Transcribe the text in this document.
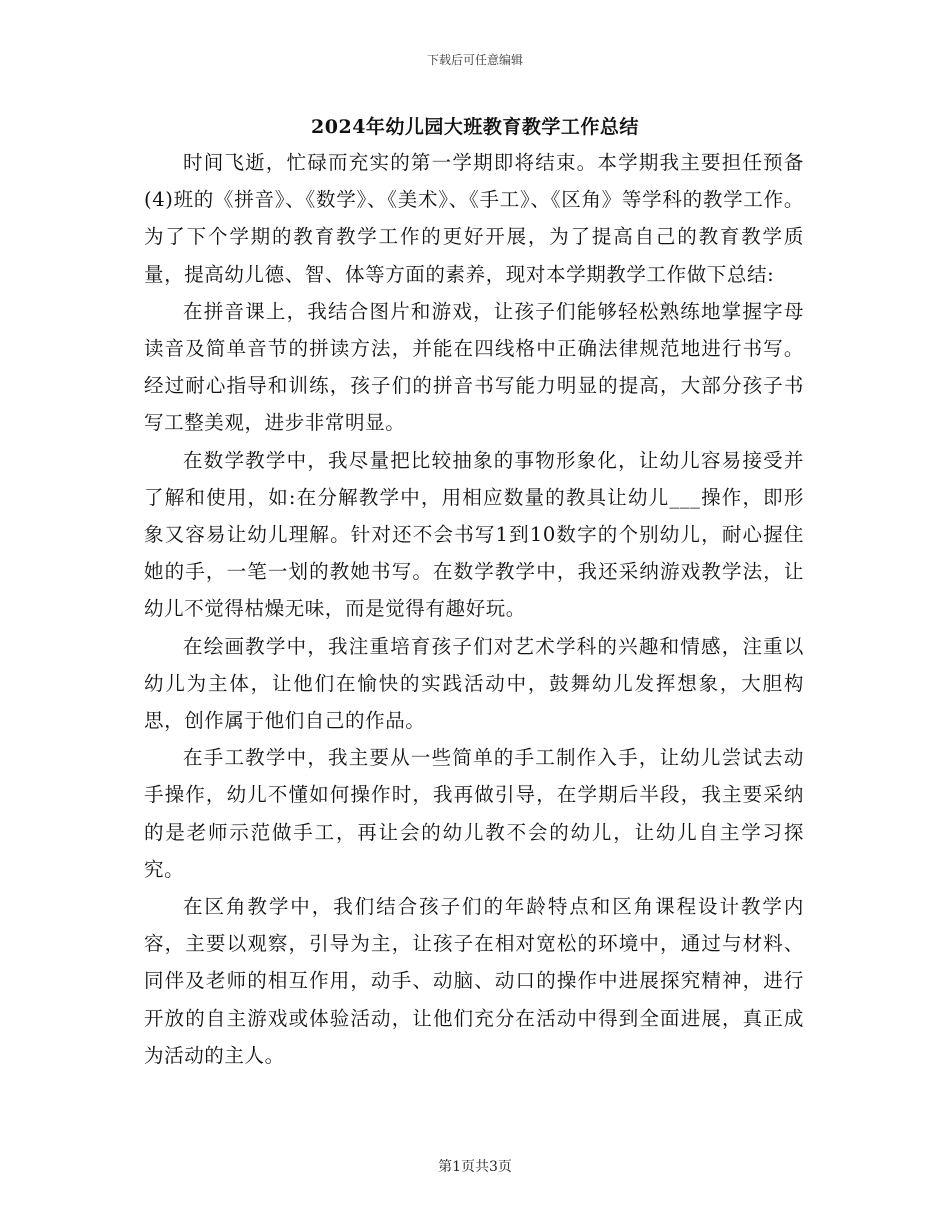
下载后可任意编辑
2024年幼儿园大班教育教学工作总结

时间飞逝，忙碌而充实的第一学期即将结束。本学期我主要担任预备(4)班的《拼音》、《数学》、《美术》、《手工》、《区角》等学科的教学工作。为了下个学期的教育教学工作的更好开展，为了提高自己的教育教学质量，提高幼儿德、智、体等方面的素养，现对本学期教学工作做下总结:

在拼音课上，我结合图片和游戏，让孩子们能够轻松熟练地掌握字母读音及简单音节的拼读方法，并能在四线格中正确法律规范地进行书写。经过耐心指导和训练，孩子们的拼音书写能力明显的提高，大部分孩子书写工整美观，进步非常明显。

在数学教学中，我尽量把比较抽象的事物形象化，让幼儿容易接受并了解和使用，如:在分解教学中，用相应数量的教具让幼儿___操作，即形象又容易让幼儿理解。针对还不会书写1到10数字的个别幼儿，耐心握住她的手，一笔一划的教她书写。在数学教学中，我还采纳游戏教学法，让幼儿不觉得枯燥无味，而是觉得有趣好玩。

在绘画教学中，我注重培育孩子们对艺术学科的兴趣和情感，注重以幼儿为主体，让他们在愉快的实践活动中，鼓舞幼儿发挥想象，大胆构思，创作属于他们自己的作品。

在手工教学中，我主要从一些简单的手工制作入手，让幼儿尝试去动手操作，幼儿不懂如何操作时，我再做引导，在学期后半段，我主要采纳的是老师示范做手工，再让会的幼儿教不会的幼儿，让幼儿自主学习探究。

在区角教学中，我们结合孩子们的年龄特点和区角课程设计教学内容，主要以观察，引导为主，让孩子在相对宽松的环境中，通过与材料、同伴及老师的相互作用，动手、动脑、动口的操作中进展探究精神，进行开放的自主游戏或体验活动，让他们充分在活动中得到全面进展，真正成为活动的主人。

第1页共3页
